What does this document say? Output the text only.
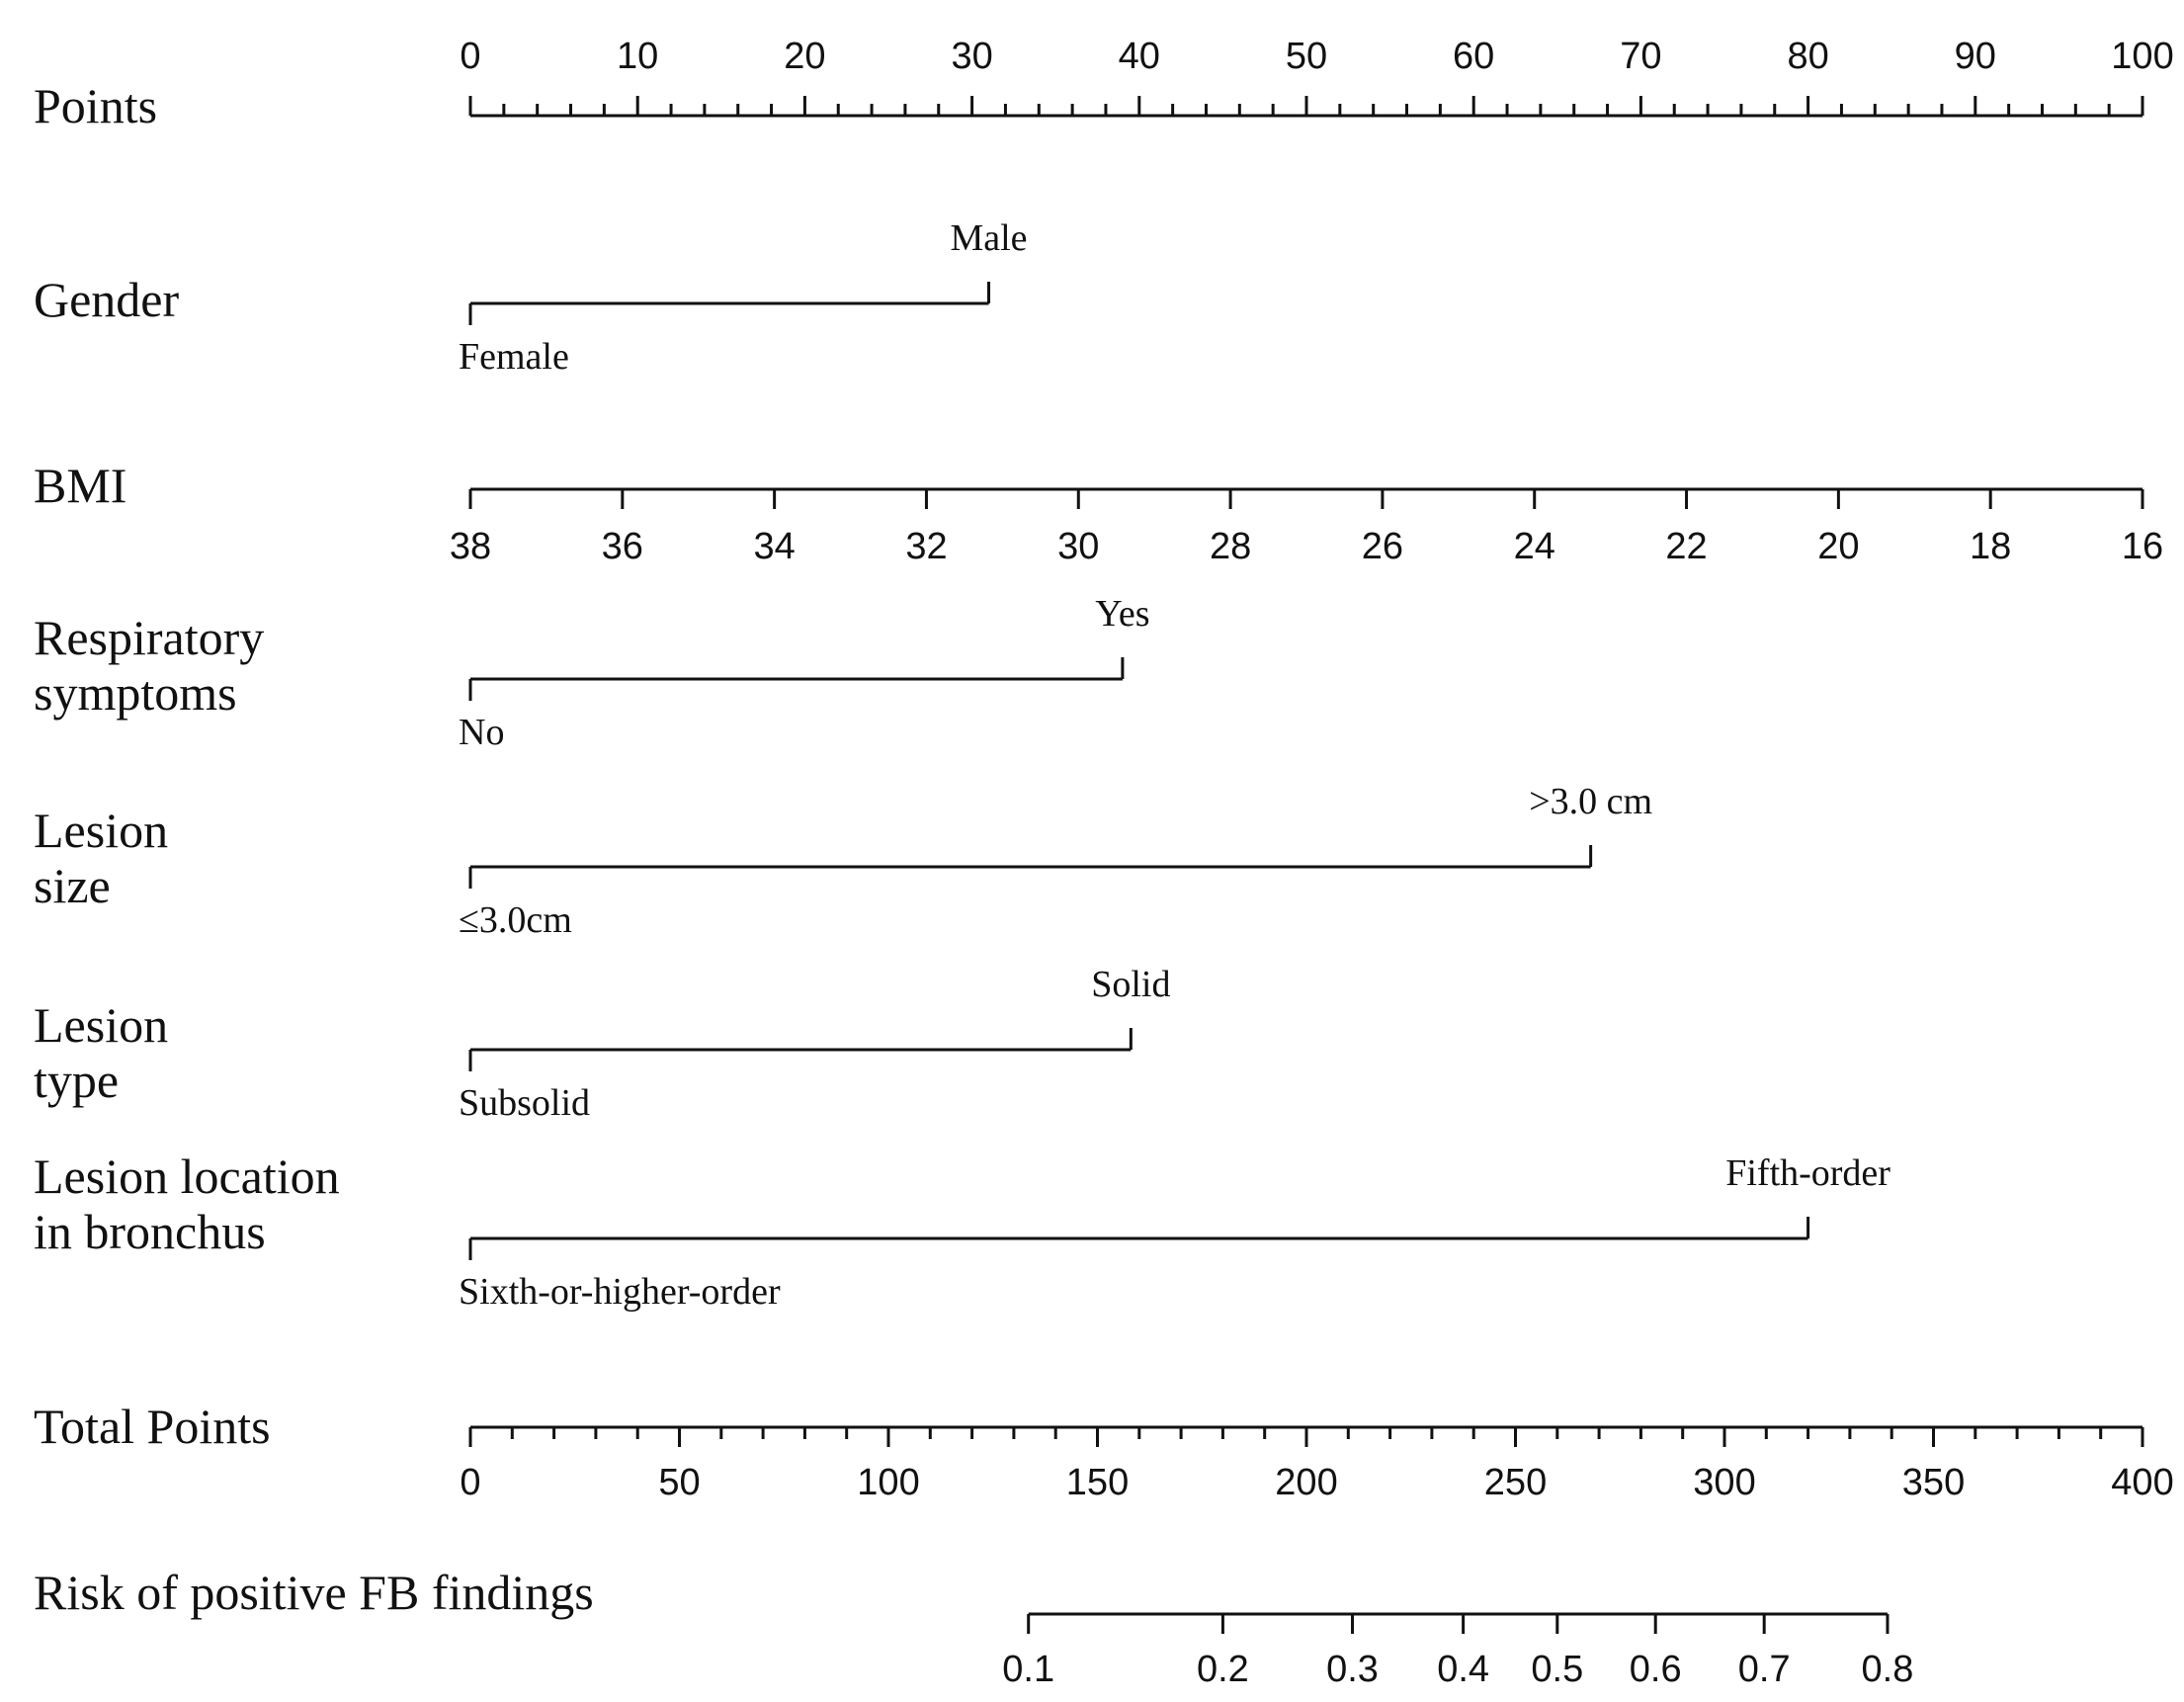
Points
0	10	20	30	40	50	60	70	80	90	100
Gender
Female
Male
BMI
38	36	34	32	30	28	26	24	22	20	18	16
Respiratory
symptoms
No
Yes
Lesion
size
≤3.0cm
>3.0 cm
Lesion
type	Subsolid
Solid
Lesion location
in bronchus
Sixth-or-higher-order
Fifth-order
Total Points
0	50	100	150	200	250	300	350	400
Risk of positive FB findings
0.1	0.2 0.3 0.4 0.5 0.6 0.7 0.8
